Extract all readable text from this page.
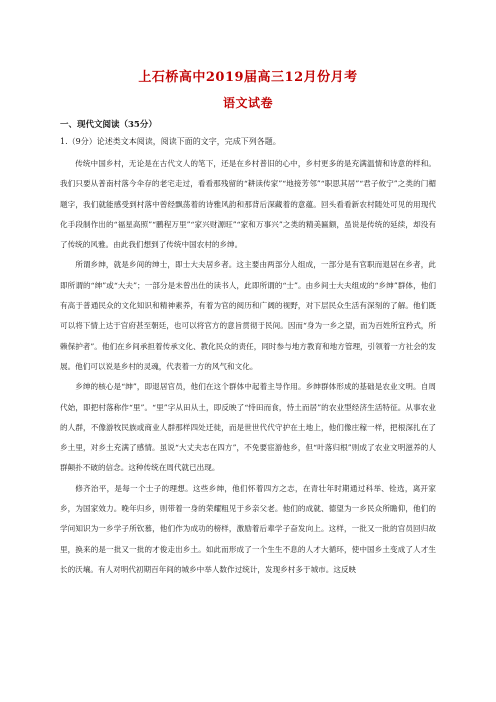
上石桥高中2019届高三12月份月考
语文试卷
一、现代文阅读（35分）
1.（9分）论述类文本阅读，阅读下面的文字，完成下列各题。

传统中国乡村，无论是在古代文人的笔下，还是在乡村普旧的心中，乡村更多的是充满温情和诗意的样和。我们只要从普南村落今伞存的老宅走过，看看那残留的“耕读传家”“地接芳邻”“职思其居”“君子攸宁”之类的门楣题字，我们就能感受到村落中曾经飘荡着的诗雅风韵和那背后深藏着的意蕴。回头看看新农村随处可见的用现代化手段制作出的“福星高照”“鹏程万里”“家兴财源旺”“家和万事兴”之类的精美匾额，虽说是传统的延续，却没有了传统的风雅。由此我们想到了传统中国农村的乡绅。

所谓乡绅，就是乡间的绅士，即士大夫居乡者。这主要由两部分人组成，一部分是有官职而退居在乡者，此即所谓的“绅”或“大夫”；一部分是未曾出仕的读书人，此即所谓的“士”。由乡间士大夫组成的“乡绅”群体，他们有高于普通民众的文化知识和精神素养，有着为官的阅历和广阔的视野，对下层民众生活有深刻的了解。他们既可以将下情上达于官府甚至朝廷，也可以将官方的意旨贯彻于民间。因而“身为一乡之望，而为百姓所宜矜式，所赖保护者”。他们在乡间承担着传承文化、教化民众的责任，同时参与地方教育和地方管理，引领着一方社会的发展。他们可以说是乡村的灵魂，代表着一方的风气和文化。

乡绅的核心是“绅”，即退居官员，他们在这个群体中起着主导作用。乡绅群体形成的基础是农业文明。自周代始，即把村落称作“里”。“里”字从田从土，即反映了“恃田而食，恃土而居”的农业型经济生活特征。从事农业的人群，不像游牧民族或商业人群那样四处迁徙，而是世世代代守护在土地上，他们像庄稼一样，把根深扎在了乡土里，对乡土充满了感情。虽说“大丈夫志在四方”，不免要宦游他乡，但“叶落归根”则成了农业文明滋养的人群颠扑不破的信念。这种传统在周代就已出现。

修齐治平，是每一个士子的理想。这些乡绅，他们怀着四方之志，在青壮年时期通过科举、铨选，离开家乡，为国家效力。晚年归乡，则带着一身的荣耀粗见于乡亲父老。他们的成就、德望为一乡民众所瞻仰，他们的学问知识为一乡学子所钦慕，他们作为成功的榜样，激励着后辈学子奋发向上。这样，一批又一批的官员回归故里，换来的是一批又一批的才俊走出乡土。如此而形成了一个生生不息的人才大循环，使中国乡土变成了人才生长的沃壤。有人对明代初期百年间的城乡中举人数作过统计，发现乡村多于城市。这反映
